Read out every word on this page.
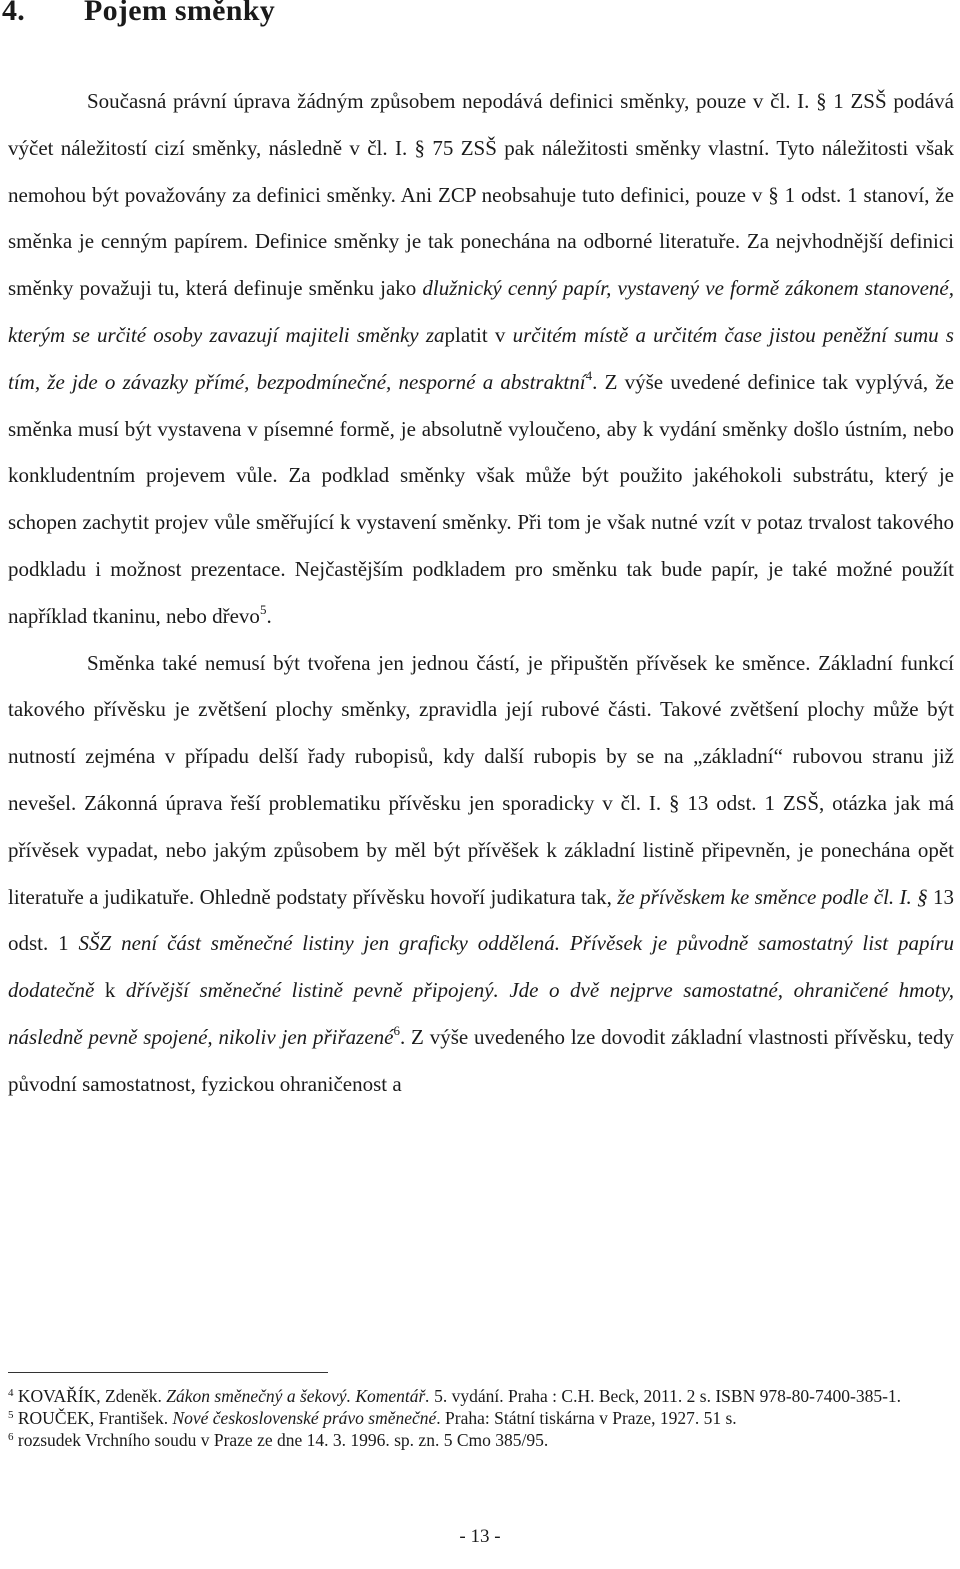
4. Pojem směnky

Současná právní úprava žádným způsobem nepodává definici směnky, pouze v čl. I. § 1 ZSŠ podává výčet náležitostí cizí směnky, následně v čl. I. § 75 ZSŠ pak náležitosti směnky vlastní. Tyto náležitosti však nemohou být považovány za definici směnky. Ani ZCP neobsahuje tuto definici, pouze v § 1 odst. 1 stanoví, že směnka je cenným papírem. Definice směnky je tak ponechána na odborné literatuře. Za nejvhodnější definici směnky považuji tu, která definuje směnku jako dlužnický cenný papír, vystavený ve formě zákonem stanovené, kterým se určité osoby zavazují majiteli směnky zaplatit v určitém místě a určitém čase jistou peněžní sumu s tím, že jde o závazky přímé, bezpodmínečné, nesporné a abstraktní$^4$. Z výše uvedené definice tak vyplývá, že směnka musí být vystavena v písemné formě, je absolutně vyloučeno, aby k vydání směnky došlo ústním, nebo konkludentním projevem vůle. Za podklad směnky však může být použito jakéhokoli substrátu, který je schopen zachytit projev vůle směřující k vystavení směnky. Při tom je však nutné vzít v potaz trvalost takového podkladu i možnost prezentace. Nejčastějším podkladem pro směnku tak bude papír, je také možné použít například tkaninu, nebo dřevo$^5$.

Směnka také nemusí být tvořena jen jednou částí, je připuštěn přívěsek ke směnce. Základní funkcí takového přívěsku je zvětšení plochy směnky, zpravidla její rubové části. Takové zvětšení plochy může být nutností zejména v případu delší řady rubopisů, kdy další rubopis by se na „základní“ rubovou stranu již nevešel. Zákonná úprava řeší problematiku přívěsku jen sporadicky v čl. I. § 13 odst. 1 ZSŠ, otázka jak má přívěsek vypadat, nebo jakým způsobem by měl být přívěšek k základní listině připevněn, je ponechána opět literatuře a judikatuře. Ohledně podstaty přívěsku hovoří judikatura tak, že přívěskem ke směnce podle čl. I. § 13 odst. 1 SŠZ není část směnečné listiny jen graficky oddělená. Přívěsek je původně samostatný list papíru dodatečně k dřívější směnečné listině pevně připojený. Jde o dvě nejprve samostatné, ohraničené hmoty, následně pevně spojené, nikoliv jen přiřazené$^6$. Z výše uvedeného lze dovodit základní vlastnosti přívěsku, tedy původní samostatnost, fyzickou ohraničenost a

$^4$ KOVAŘÍK, Zdeněk. Zákon směnečný a šekový. Komentář. 5. vydání. Praha : C.H. Beck, 2011. 2 s. ISBN 978-80-7400-385-1.

$^5$ ROUČEK, František. Nové československé právo směnečné. Praha: Státní tiskárna v Praze, 1927. 51 s.

$^6$ rozsudek Vrchního soudu v Praze ze dne 14. 3. 1996. sp. zn. 5 Cmo 385/95.

- 13 -
